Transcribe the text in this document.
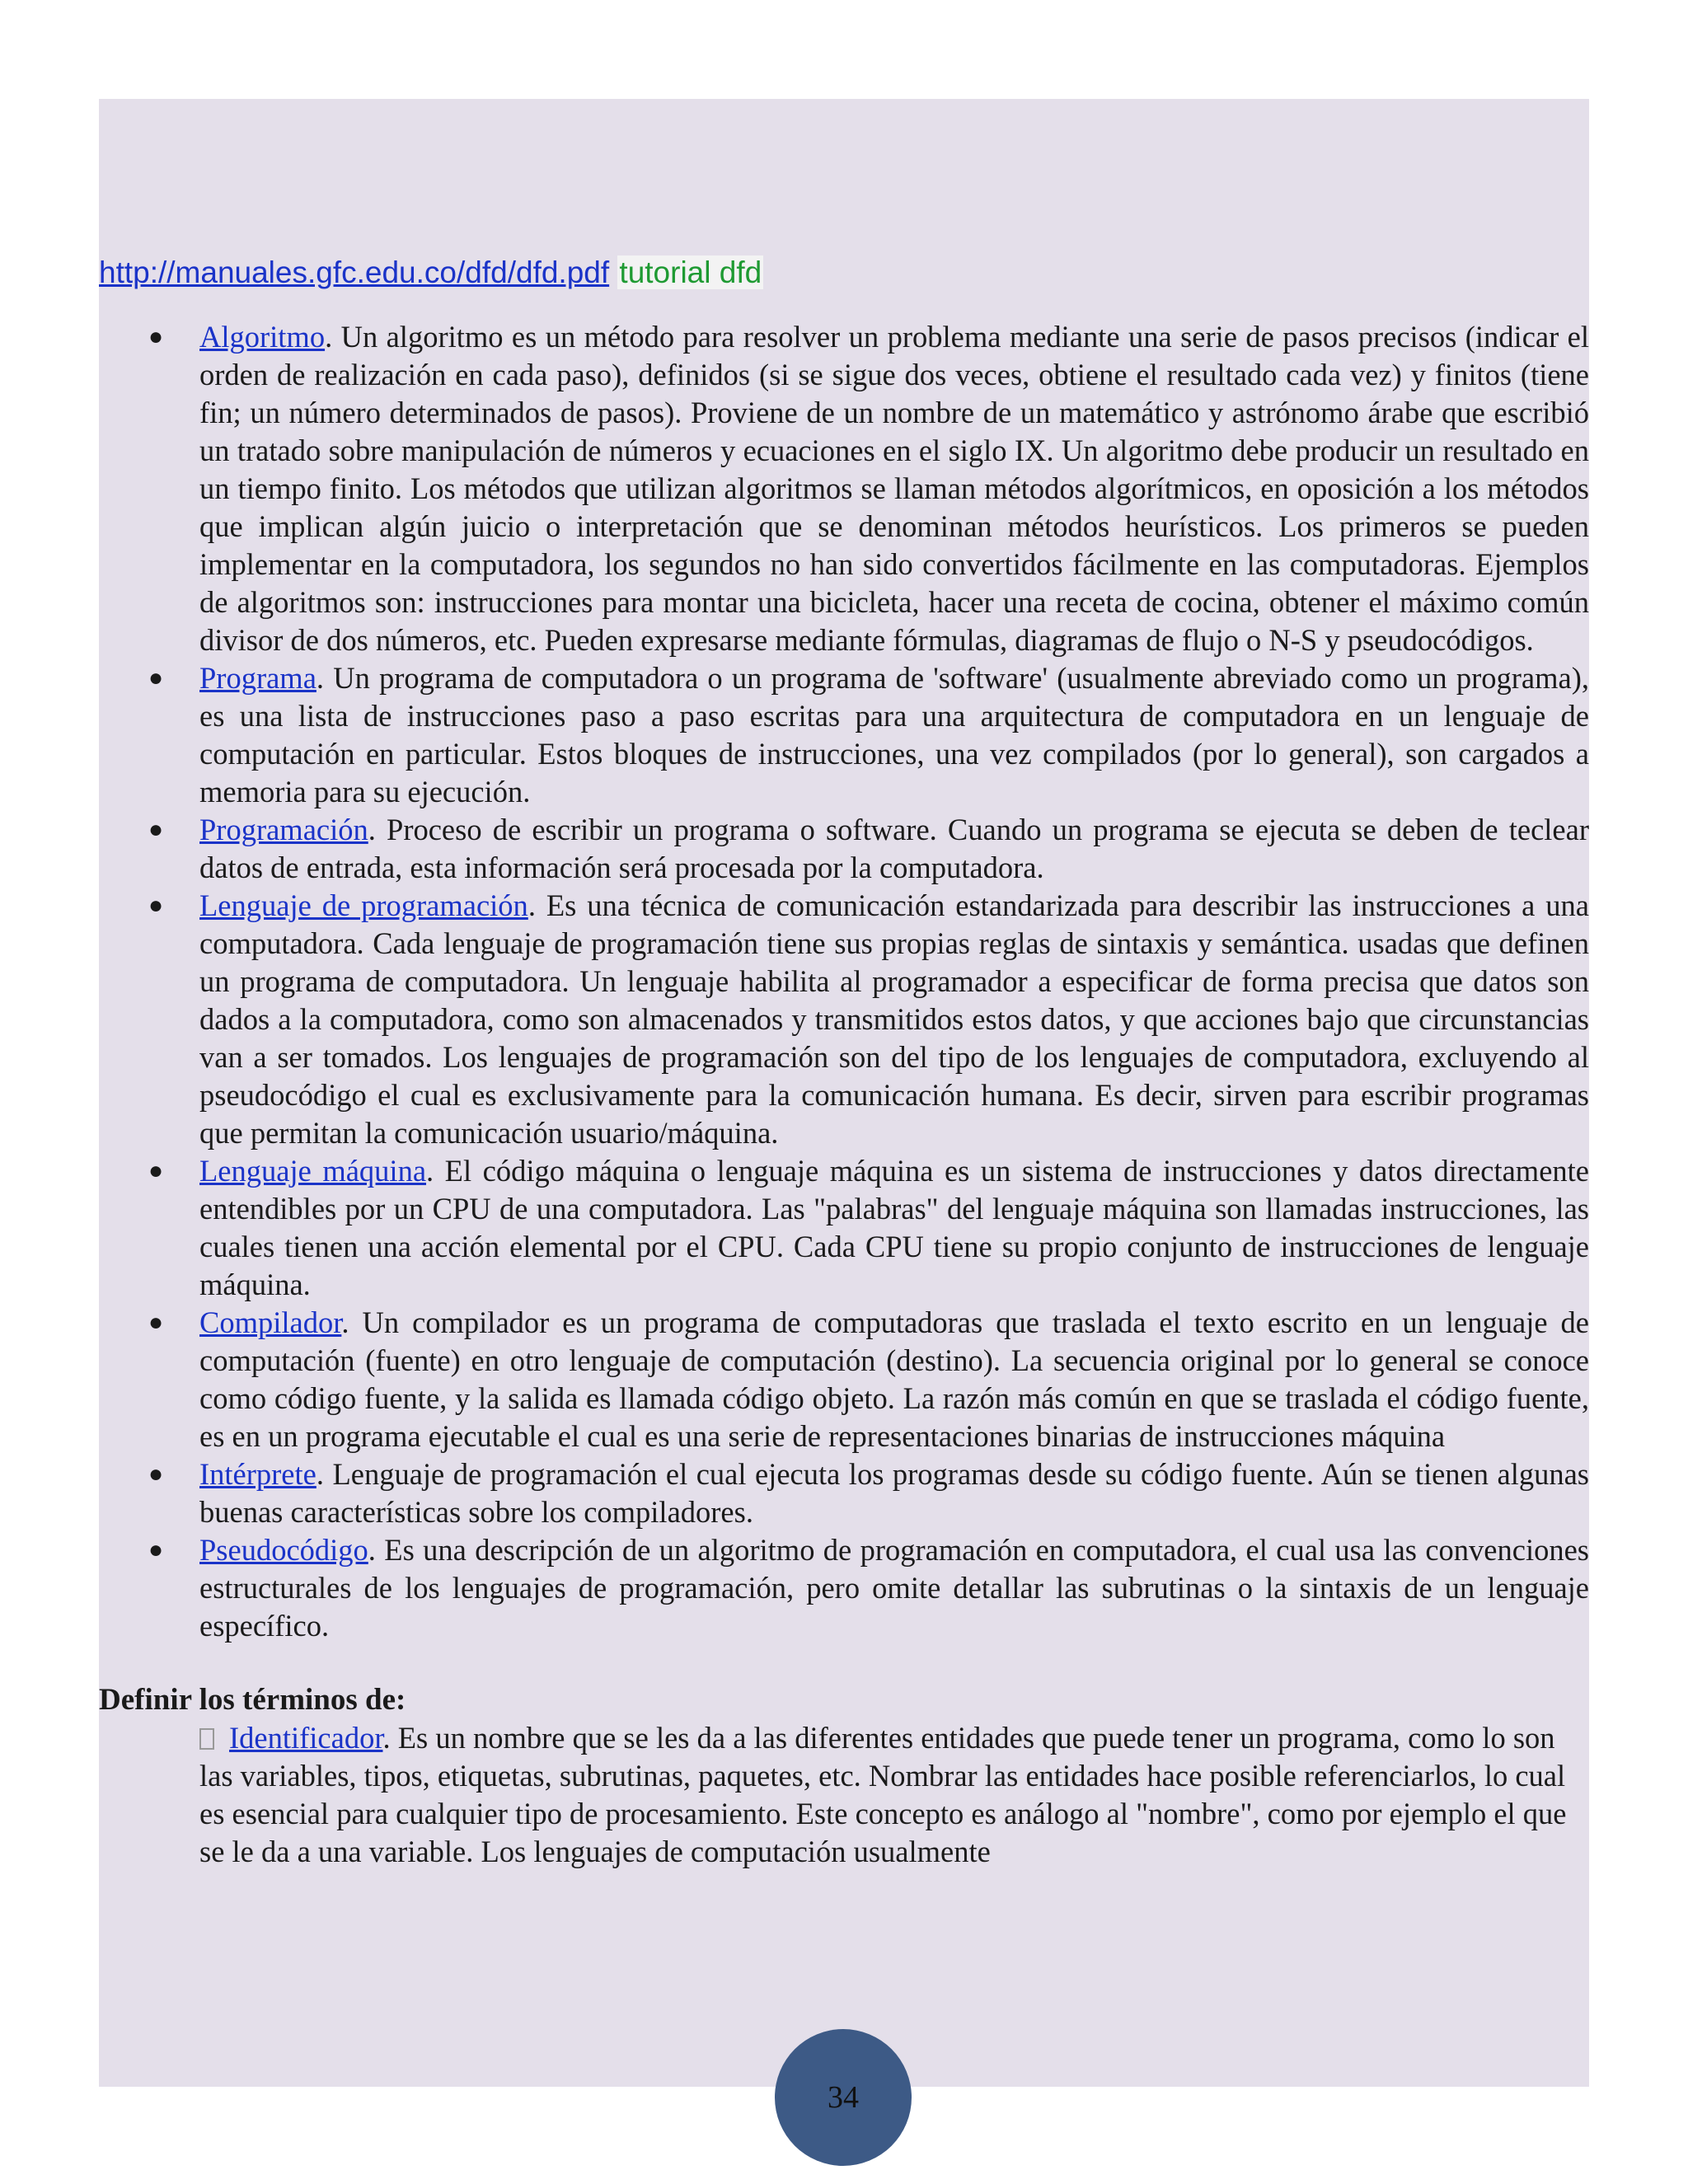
http://manuales.gfc.edu.co/dfd/dfd.pdf tutorial dfd

● Algoritmo. Un algoritmo es un método para resolver un problema mediante una serie de pasos precisos (indicar el orden de realización en cada paso), definidos (si se sigue dos veces, obtiene el resultado cada vez) y finitos (tiene fin; un número determinados de pasos). Proviene de un nombre de un matemático y astrónomo árabe que escribió un tratado sobre manipulación de números y ecuaciones en el siglo IX. Un algoritmo debe producir un resultado en un tiempo finito. Los métodos que utilizan algoritmos se llaman métodos algorítmicos, en oposición a los métodos que implican algún juicio o interpretación que se denominan métodos heurísticos. Los primeros se pueden implementar en la computadora, los segundos no han sido convertidos fácilmente en las computadoras. Ejemplos de algoritmos son: instrucciones para montar una bicicleta, hacer una receta de cocina, obtener el máximo común divisor de dos números, etc. Pueden expresarse mediante fórmulas, diagramas de flujo o N-S y pseudocódigos.
● Programa. Un programa de computadora o un programa de 'software' (usualmente abreviado como un programa), es una lista de instrucciones paso a paso escritas para una arquitectura de computadora en un lenguaje de computación en particular. Estos bloques de instrucciones, una vez compilados (por lo general), son cargados a memoria para su ejecución.
● Programación. Proceso de escribir un programa o software. Cuando un programa se ejecuta se deben de teclear datos de entrada, esta información será procesada por la computadora.
● Lenguaje de programación. Es una técnica de comunicación estandarizada para describir las instrucciones a una computadora. Cada lenguaje de programación tiene sus propias reglas de sintaxis y semántica. usadas que definen un programa de computadora. Un lenguaje habilita al programador a especificar de forma precisa que datos son dados a la computadora, como son almacenados y transmitidos estos datos, y que acciones bajo que circunstancias van a ser tomados. Los lenguajes de programación son del tipo de los lenguajes de computadora, excluyendo al pseudocódigo el cual es exclusivamente para la comunicación humana. Es decir, sirven para escribir programas que permitan la comunicación usuario/máquina.
● Lenguaje máquina. El código máquina o lenguaje máquina es un sistema de instrucciones y datos directamente entendibles por un CPU de una computadora. Las "palabras" del lenguaje máquina son llamadas instrucciones, las cuales tienen una acción elemental por el CPU. Cada CPU tiene su propio conjunto de instrucciones de lenguaje máquina.
● Compilador. Un compilador es un programa de computadoras que traslada el texto escrito en un lenguaje de computación (fuente) en otro lenguaje de computación (destino). La secuencia original por lo general se conoce como código fuente, y la salida es llamada código objeto. La razón más común en que se traslada el código fuente, es en un programa ejecutable el cual es una serie de representaciones binarias de instrucciones máquina
● Intérprete. Lenguaje de programación el cual ejecuta los programas desde su código fuente. Aún se tienen algunas buenas características sobre los compiladores.
● Pseudocódigo. Es una descripción de un algoritmo de programación en computadora, el cual usa las convenciones estructurales de los lenguajes de programación, pero omite detallar las subrutinas o la sintaxis de un lenguaje específico.

Definir los términos de:

Identificador. Es un nombre que se les da a las diferentes entidades que puede tener un programa, como lo son las variables, tipos, etiquetas, subrutinas, paquetes, etc. Nombrar las entidades hace posible referenciarlos, lo cual es esencial para cualquier tipo de procesamiento. Este concepto es análogo al "nombre", como por ejemplo el que se le da a una variable. Los lenguajes de computación usualmente

34
